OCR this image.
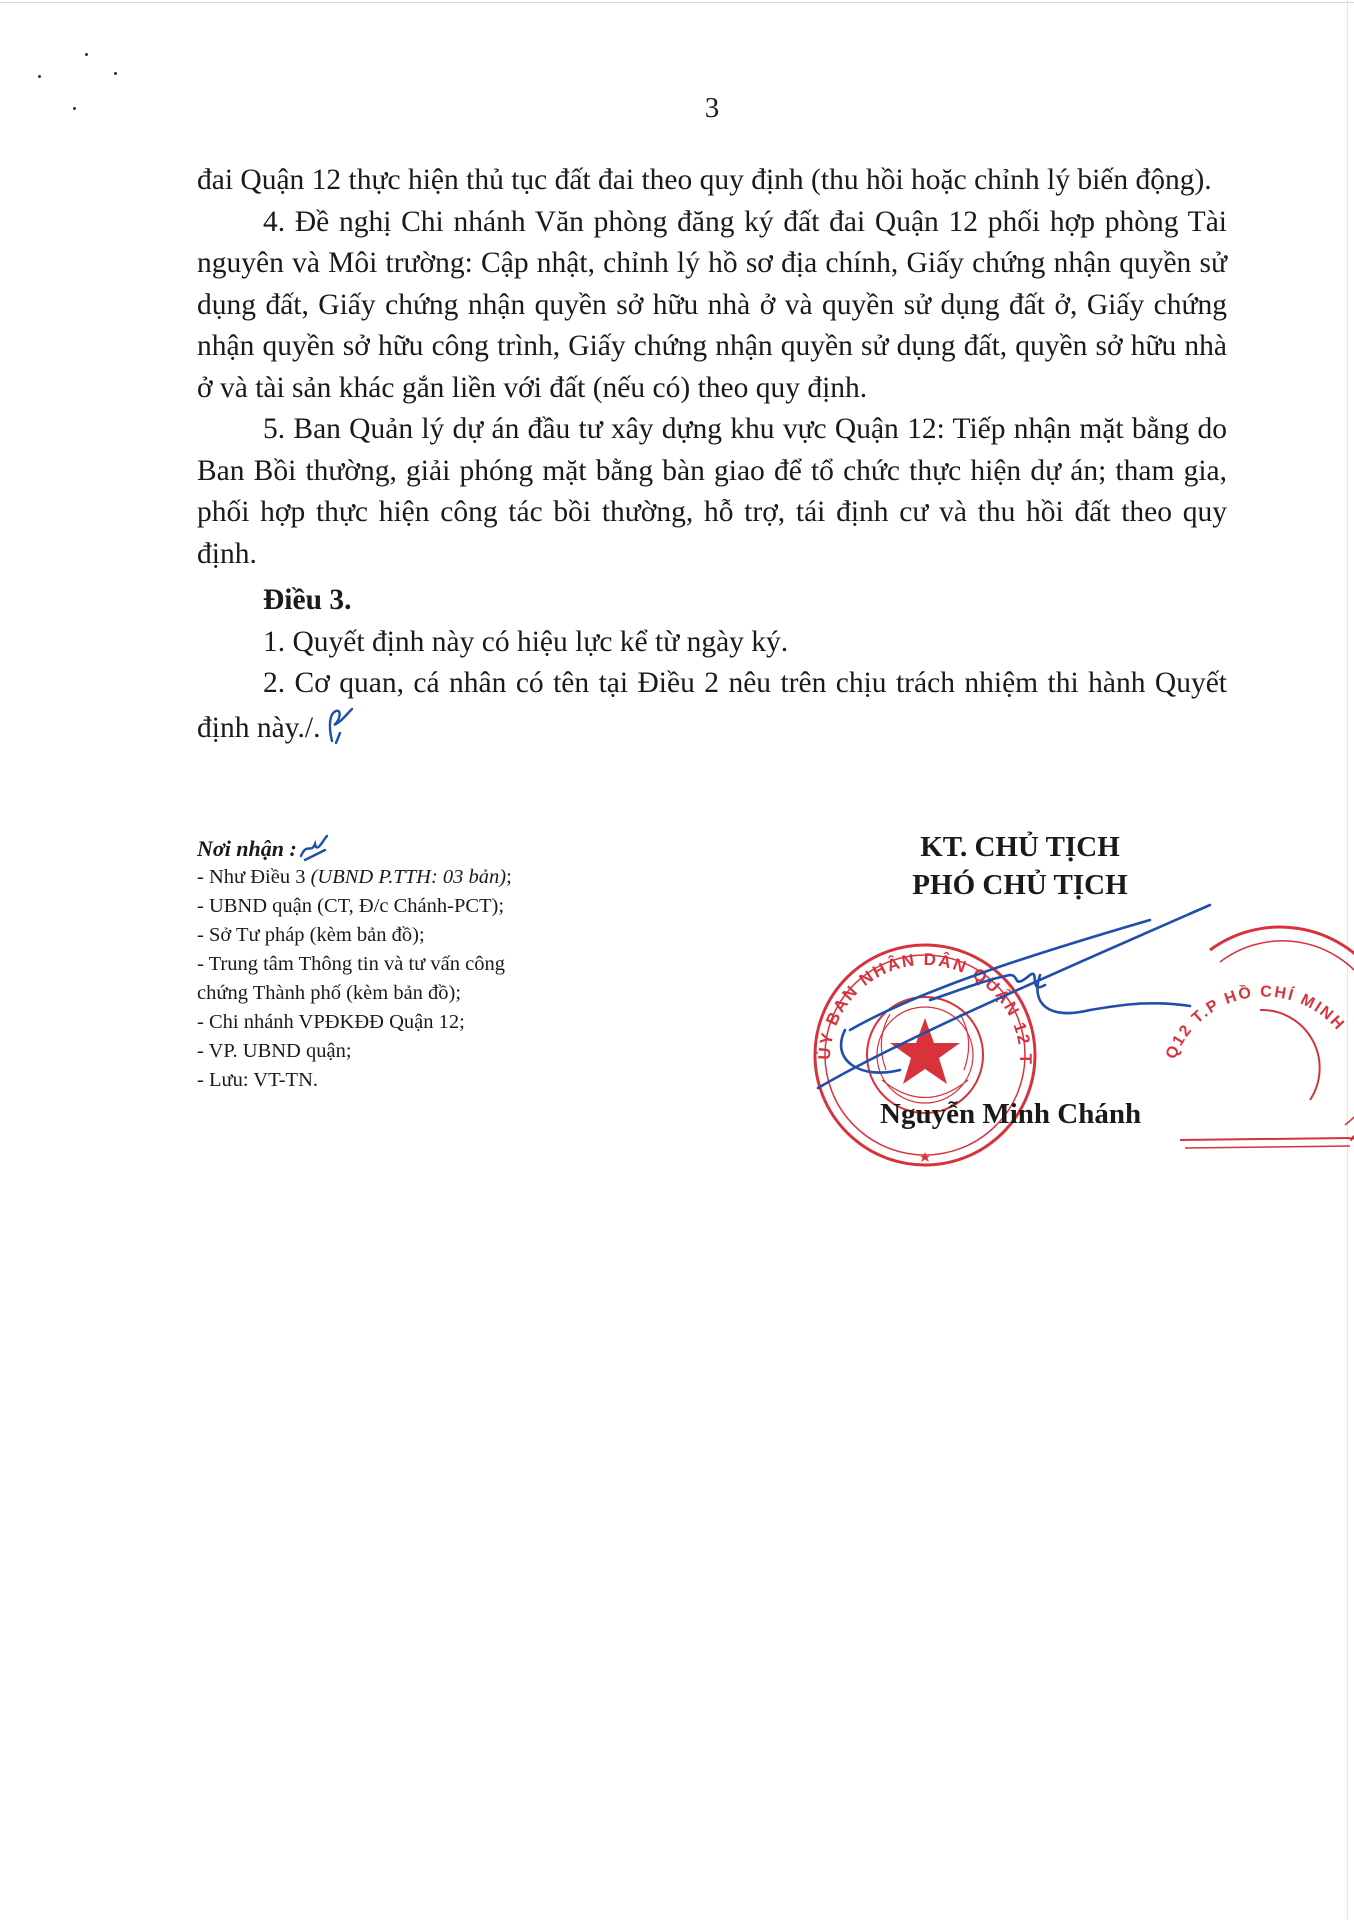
3

đai Quận 12 thực hiện thủ tục đất đai theo quy định (thu hồi hoặc chỉnh lý biến động).

4. Đề nghị Chi nhánh Văn phòng đăng ký đất đai Quận 12 phối hợp phòng Tài nguyên và Môi trường: Cập nhật, chỉnh lý hồ sơ địa chính, Giấy chứng nhận quyền sử dụng đất, Giấy chứng nhận quyền sở hữu nhà ở và quyền sử dụng đất ở, Giấy chứng nhận quyền sở hữu công trình, Giấy chứng nhận quyền sử dụng đất, quyền sở hữu nhà ở và tài sản khác gắn liền với đất (nếu có) theo quy định.

5. Ban Quản lý dự án đầu tư xây dựng khu vực Quận 12: Tiếp nhận mặt bằng do Ban Bồi thường, giải phóng mặt bằng bàn giao để tổ chức thực hiện dự án; tham gia, phối hợp thực hiện công tác bồi thường, hỗ trợ, tái định cư và thu hồi đất theo quy định.

Điều 3.

1. Quyết định này có hiệu lực kể từ ngày ký.

2. Cơ quan, cá nhân có tên tại Điều 2 nêu trên chịu trách nhiệm thi hành Quyết định này./.

Nơi nhận :
- Như Điều 3 (UBND P.TTH: 03 bản);
- UBND quận (CT, Đ/c Chánh-PCT);
- Sở Tư pháp (kèm bản đồ);
- Trung tâm Thông tin và tư vấn công
chứng Thành phố (kèm bản đồ);
- Chi nhánh VPĐKĐĐ Quận 12;
- VP. UBND quận;
- Lưu: VT-TN.
KT. CHỦ TỊCH
PHÓ CHỦ TỊCH
ỦY BAN NHÂN DÂN QUẬN 12 TP HỒ CHÍ MINH
Q12 T.P HỒ CHÍ MINH
Nguyễn Minh Chánh
